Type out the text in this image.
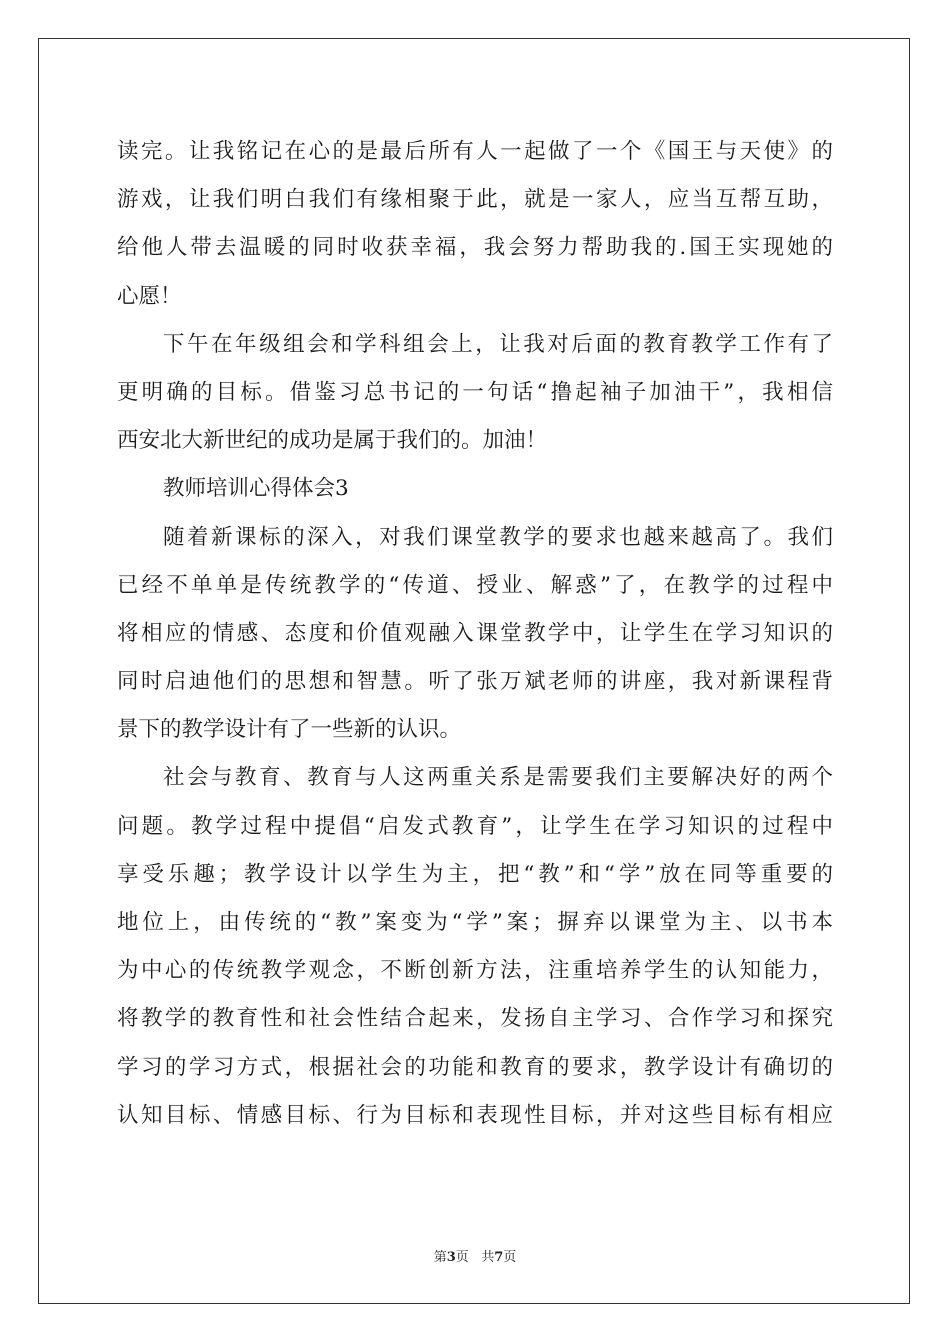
读完。让我铭记在心的是最后所有人一起做了一个《国王与天使》的
游戏，让我们明白我们有缘相聚于此，就是一家人，应当互帮互助，
给他人带去温暖的同时收获幸福，我会努力帮助我的.国王实现她的
心愿！
下午在年级组会和学科组会上，让我对后面的教育教学工作有了
更明确的目标。借鉴习总书记的一句话“撸起袖子加油干”，我相信
西安北大新世纪的成功是属于我们的。加油！
教师培训心得体会3
随着新课标的深入，对我们课堂教学的要求也越来越高了。我们
已经不单单是传统教学的“传道、授业、解惑”了，在教学的过程中
将相应的情感、态度和价值观融入课堂教学中，让学生在学习知识的
同时启迪他们的思想和智慧。听了张万斌老师的讲座，我对新课程背
景下的教学设计有了一些新的认识。
社会与教育、教育与人这两重关系是需要我们主要解决好的两个
问题。教学过程中提倡“启发式教育”，让学生在学习知识的过程中
享受乐趣；教学设计以学生为主，把“教”和“学”放在同等重要的
地位上，由传统的“教”案变为“学”案；摒弃以课堂为主、以书本
为中心的传统教学观念，不断创新方法，注重培养学生的认知能力，
将教学的教育性和社会性结合起来，发扬自主学习、合作学习和探究
学习的学习方式，根据社会的功能和教育的要求，教学设计有确切的
认知目标、情感目标、行为目标和表现性目标，并对这些目标有相应
第3页 共7页
